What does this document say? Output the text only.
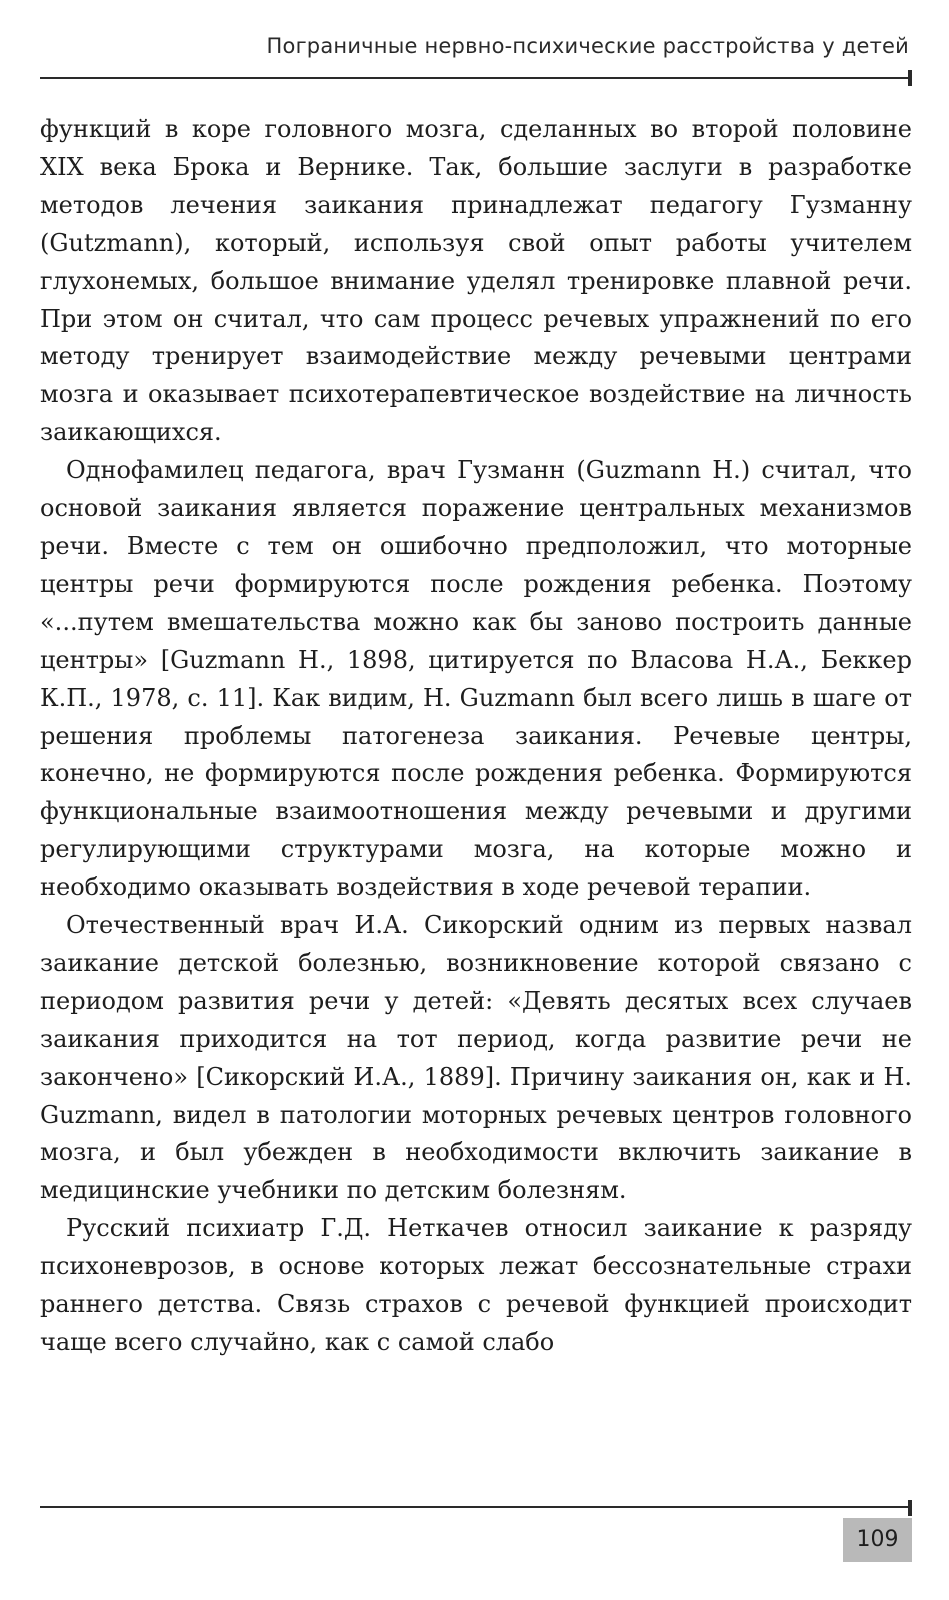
Пограничные нервно-психические расстройства у детей

функций в коре головного мозга, сделанных во второй половине XIX века Брока и Вернике. Так, большие заслуги в разработке методов лечения заикания принадлежат педагогу Гузманну (Gutzmann), который, используя свой опыт работы учителем глухонемых, большое внимание уделял тренировке плавной речи. При этом он считал, что сам процесс речевых упражнений по его методу тренирует взаимодействие между речевыми центрами мозга и оказывает психотерапевтическое воздействие на личность заикающихся.

Однофамилец педагога, врач Гузманн (Guzmann H.) считал, что основой заикания является поражение центральных механизмов речи. Вместе с тем он ошибочно предположил, что моторные центры речи формируются после рождения ребенка. Поэтому «...путем вмешательства можно как бы заново построить данные центры» [Guzmann H., 1898, цитируется по Власова Н.А., Беккер К.П., 1978, с. 11]. Как видим, H. Guzmann был всего лишь в шаге от решения проблемы патогенеза заикания. Речевые центры, конечно, не формируются после рождения ребенка. Формируются функциональные взаимоотношения между речевыми и другими регулирующими структурами мозга, на которые можно и необходимо оказывать воздействия в ходе речевой терапии.

Отечественный врач И.А. Сикорский одним из первых назвал заикание детской болезнью, возникновение которой связано с периодом развития речи у детей: «Девять десятых всех случаев заикания приходится на тот период, когда развитие речи не закончено» [Сикорский И.А., 1889]. Причину заикания он, как и H. Guzmann, видел в патологии моторных речевых центров головного мозга, и был убежден в необходимости включить заикание в медицинские учебники по детским болезням.

Русский психиатр Г.Д. Неткачев относил заикание к разряду психоневрозов, в основе которых лежат бессознательные страхи раннего детства. Связь страхов с речевой функцией происходит чаще всего случайно, как с самой слабо

109
